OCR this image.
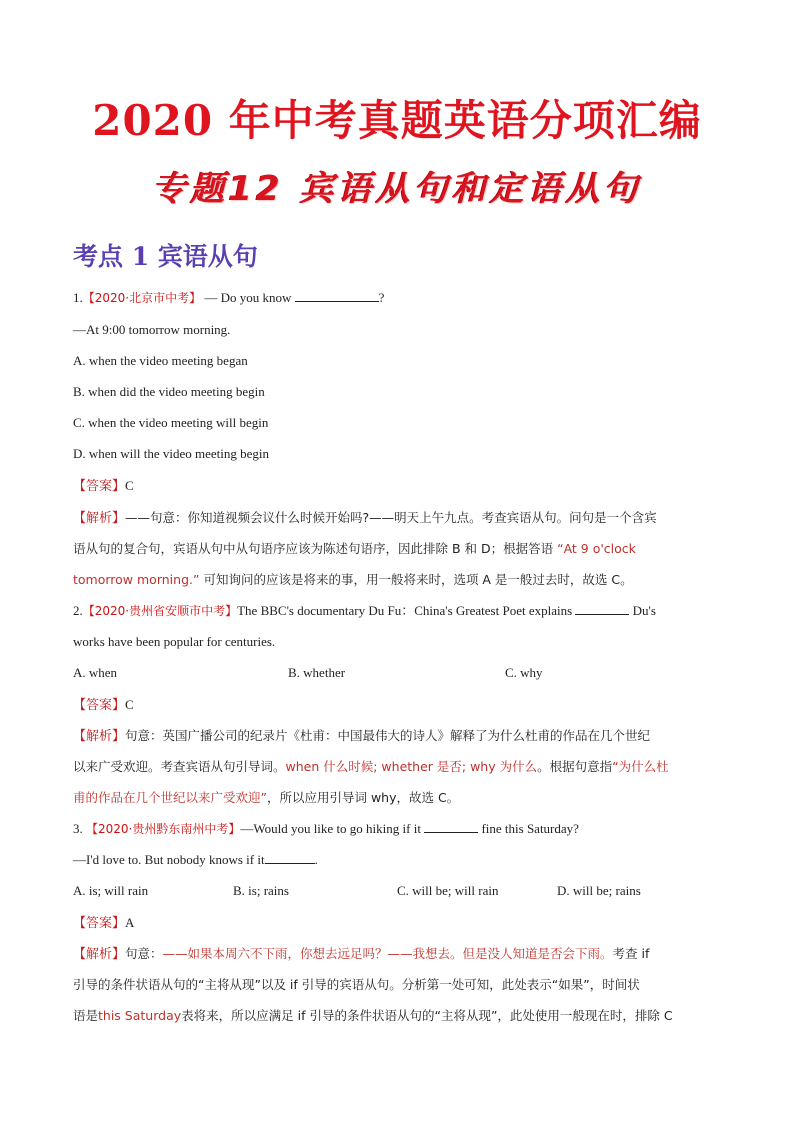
2020 年中考真题英语分项汇编
专题12 宾语从句和定语从句
考点 1 宾语从句
1.【2020·北京市中考】 — Do you know	?
—At 9:00 tomorrow morning.
A. when the video meeting began
B. when did the video meeting begin
C. when the video meeting will begin
D. when will the video meeting begin
【答案】C
【解析】——句意：你知道视频会议什么时候开始吗?——明天上午九点。考查宾语从句。问句是一个含宾
语从句的复合句，宾语从句中从句语序应该为陈述句语序，因此排除 B 和 D；根据答语 “At 9 o'clock
tomorrow morning.” 可知询问的应该是将来的事，用一般将来时，选项 A 是一般过去时，故选 C。
2.【2020·贵州省安顺市中考】The BBC's documentary Du Fu：China's Greatest Poet explains	Du's
works have been popular for centuries.
A. when	B. whether	C. why
【答案】C
【解析】句意：英国广播公司的纪录片《杜甫：中国最伟大的诗人》解释了为什么杜甫的作品在几个世纪
以来广受欢迎。考查宾语从句引导词。when 什么时候; whether 是否; why 为什么。根据句意指“为什么杜
甫的作品在几个世纪以来广受欢迎”，所以应用引导词 why，故选 C。
3. 【2020·贵州黔东南州中考】—Would you like to go hiking if it	fine this Saturday?
—I'd love to. But nobody knows if it	.
A. is; will rain	B. is; rains	C. will be; will rain	D. will be; rains
【答案】A
【解析】句意：——如果本周六不下雨，你想去远足吗？——我想去。但是没人知道是否会下雨。考查 if
引导的条件状语从句的“主将从现”以及 if 引导的宾语从句。分析第一处可知，此处表示“如果”，时间状
语是this Saturday表将来，所以应满足 if 引导的条件状语从句的“主将从现”，此处使用一般现在时，排除 C
